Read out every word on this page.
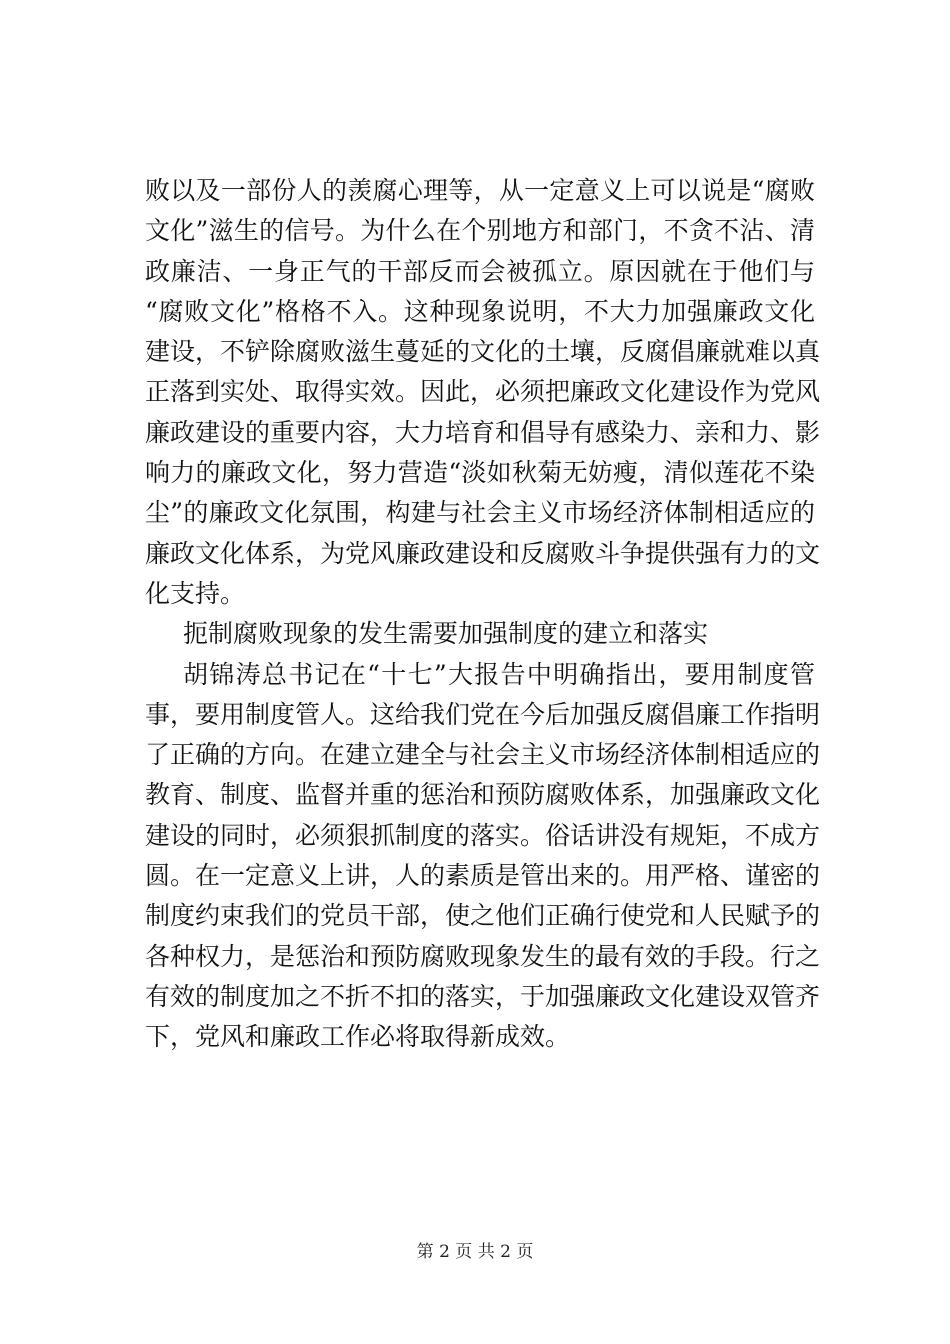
败以及一部份人的羡腐心理等，从一定意义上可以说是“腐败
文化”滋生的信号。为什么在个别地方和部门，不贪不沾、清
政廉洁、一身正气的干部反而会被孤立。原因就在于他们与
“腐败文化”格格不入。这种现象说明，不大力加强廉政文化
建设，不铲除腐败滋生蔓延的文化的土壤，反腐倡廉就难以真
正落到实处、取得实效。因此，必须把廉政文化建设作为党风
廉政建设的重要内容，大力培育和倡导有感染力、亲和力、影
响力的廉政文化，努力营造“淡如秋菊无妨瘦，清似莲花不染
尘”的廉政文化氛围，构建与社会主义市场经济体制相适应的
廉政文化体系，为党风廉政建设和反腐败斗争提供强有力的文
化支持。
扼制腐败现象的发生需要加强制度的建立和落实
胡锦涛总书记在“十七”大报告中明确指出，要用制度管
事，要用制度管人。这给我们党在今后加强反腐倡廉工作指明
了正确的方向。在建立建全与社会主义市场经济体制相适应的
教育、制度、监督并重的惩治和预防腐败体系，加强廉政文化
建设的同时，必须狠抓制度的落实。俗话讲没有规矩，不成方
圆。在一定意义上讲，人的素质是管出来的。用严格、谨密的
制度约束我们的党员干部，使之他们正确行使党和人民赋予的
各种权力，是惩治和预防腐败现象发生的最有效的手段。行之
有效的制度加之不折不扣的落实，于加强廉政文化建设双管齐
下，党风和廉政工作必将取得新成效。
第 2 页 共 2 页
